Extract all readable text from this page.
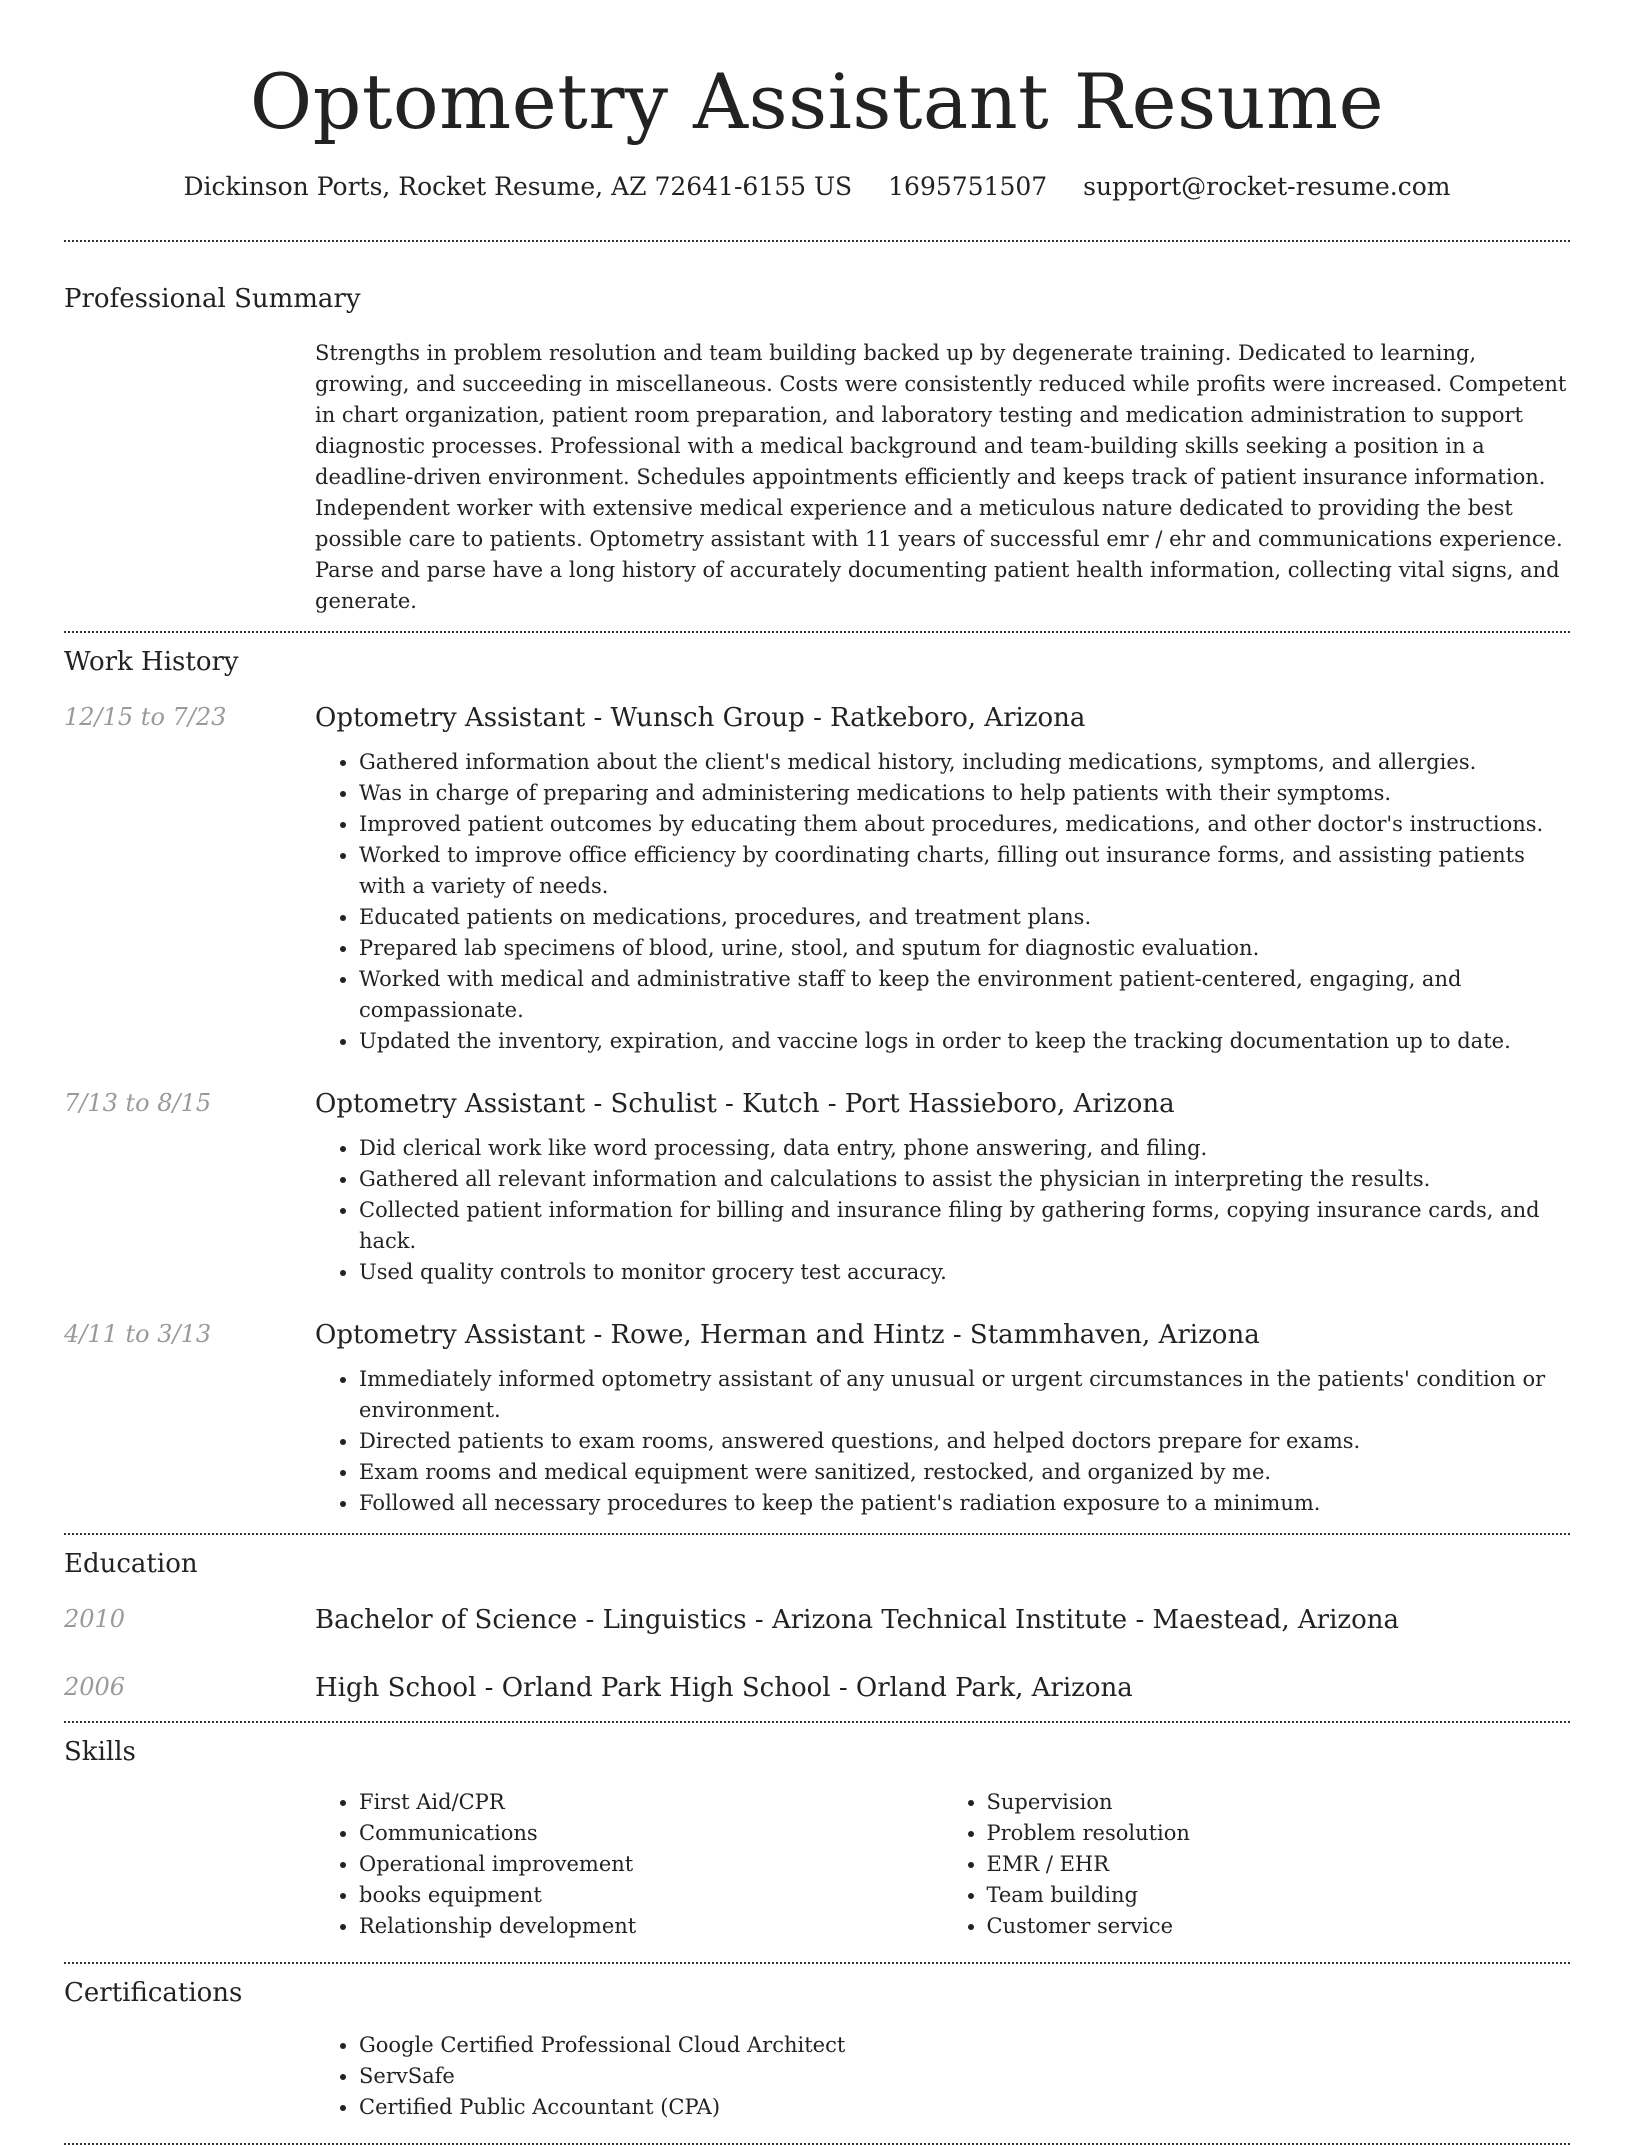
Optometry Assistant Resume
Dickinson Ports, Rocket Resume, AZ 72641-6155 US 1695751507 support@rocket-resume.com
Professional Summary
Strengths in problem resolution and team building backed up by degenerate training. Dedicated to learning, growing, and succeeding in miscellaneous. Costs were consistently reduced while profits were increased. Competent in chart organization, patient room preparation, and laboratory testing and medication administration to support diagnostic processes. Professional with a medical background and team-building skills seeking a position in a deadline-driven environment. Schedules appointments efficiently and keeps track of patient insurance information. Independent worker with extensive medical experience and a meticulous nature dedicated to providing the best possible care to patients. Optometry assistant with 11 years of successful emr / ehr and communications experience. Parse and parse have a long history of accurately documenting patient health information, collecting vital signs, and generate.
Work History
12/15 to 7/23	Optometry Assistant - Wunsch Group - Ratkeboro, Arizona
• Gathered information about the client's medical history, including medications, symptoms, and allergies.
• Was in charge of preparing and administering medications to help patients with their symptoms.
• Improved patient outcomes by educating them about procedures, medications, and other doctor's instructions.
• Worked to improve office efficiency by coordinating charts, filling out insurance forms, and assisting patients with a variety of needs.
• Educated patients on medications, procedures, and treatment plans.
• Prepared lab specimens of blood, urine, stool, and sputum for diagnostic evaluation.
• Worked with medical and administrative staff to keep the environment patient-centered, engaging, and compassionate.
• Updated the inventory, expiration, and vaccine logs in order to keep the tracking documentation up to date.
7/13 to 8/15	Optometry Assistant - Schulist - Kutch - Port Hassieboro, Arizona
• Did clerical work like word processing, data entry, phone answering, and filing.
• Gathered all relevant information and calculations to assist the physician in interpreting the results.
• Collected patient information for billing and insurance filing by gathering forms, copying insurance cards, and hack.
• Used quality controls to monitor grocery test accuracy.
4/11 to 3/13	Optometry Assistant - Rowe, Herman and Hintz - Stammhaven, Arizona
• Immediately informed optometry assistant of any unusual or urgent circumstances in the patients' condition or environment.
• Directed patients to exam rooms, answered questions, and helped doctors prepare for exams.
• Exam rooms and medical equipment were sanitized, restocked, and organized by me.
• Followed all necessary procedures to keep the patient's radiation exposure to a minimum.
Education
2010	Bachelor of Science - Linguistics - Arizona Technical Institute - Maestead, Arizona
2006	High School - Orland Park High School - Orland Park, Arizona
Skills
• First Aid/CPR
• Communications
• Operational improvement
• books equipment
• Relationship development
• Supervision
• Problem resolution
• EMR / EHR
• Team building
• Customer service
Certifications
• Google Certified Professional Cloud Architect
• ServSafe
• Certified Public Accountant (CPA)
